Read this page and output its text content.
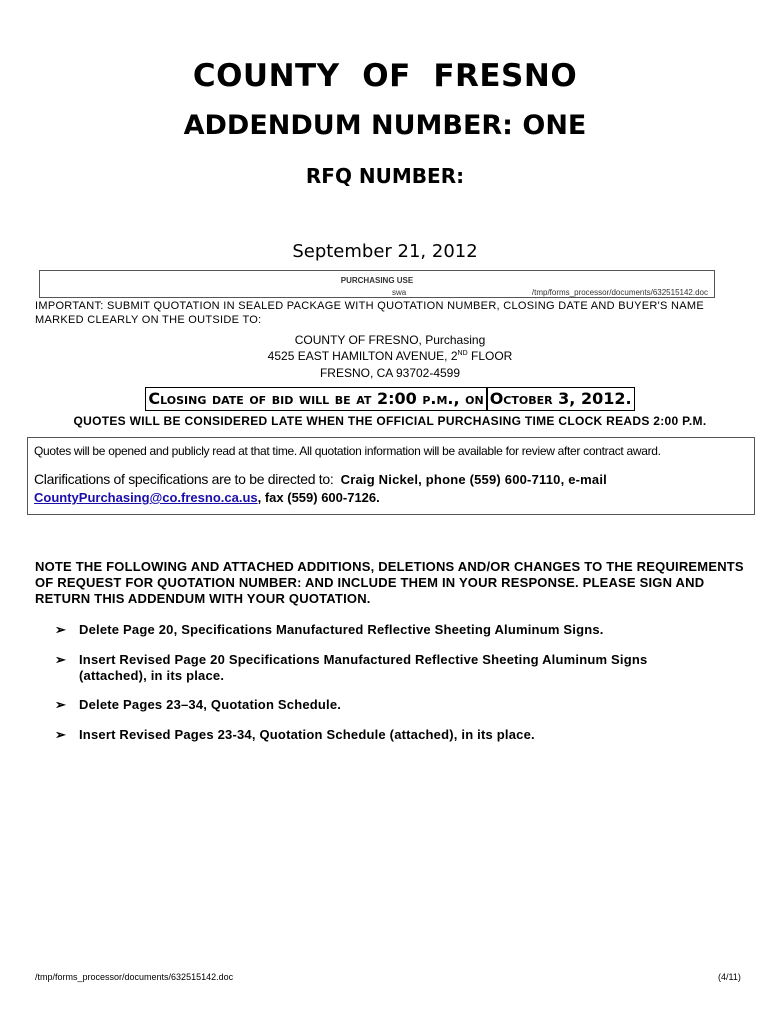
COUNTY  OF  FRESNO
ADDENDUM NUMBER: ONE
RFQ NUMBER:
September 21, 2012
PURCHASING USE
swa	/tmp/forms_processor/documents/632515142.doc
IMPORTANT: SUBMIT QUOTATION IN SEALED PACKAGE WITH QUOTATION NUMBER, CLOSING DATE AND BUYER'S NAME MARKED CLEARLY ON THE OUTSIDE TO:
COUNTY OF FRESNO, Purchasing
4525 EAST HAMILTON AVENUE, 2ND FLOOR
FRESNO, CA 93702-4599
Closing date of bid will be at 2:00 p.m., on October 3, 2012.
QUOTES WILL BE CONSIDERED LATE WHEN THE OFFICIAL PURCHASING TIME CLOCK READS 2:00 P.M.
Quotes will be opened and publicly read at that time. All quotation information will be available for review after contract award.
Clarifications of specifications are to be directed to: Craig Nickel, phone (559) 600-7110, e-mail
CountyPurchasing@co.fresno.ca.us, fax (559) 600-7126.
NOTE THE FOLLOWING AND ATTACHED ADDITIONS, DELETIONS AND/OR CHANGES TO THE REQUIREMENTS OF REQUEST FOR QUOTATION NUMBER: AND INCLUDE THEM IN YOUR RESPONSE. PLEASE SIGN AND RETURN THIS ADDENDUM WITH YOUR QUOTATION.
➢ Delete Page 20, Specifications Manufactured Reflective Sheeting Aluminum Signs.
➢ Insert Revised Page 20 Specifications Manufactured Reflective Sheeting Aluminum Signs (attached), in its place.
➢ Delete Pages 23–34, Quotation Schedule.
➢ Insert Revised Pages 23-34, Quotation Schedule (attached), in its place.
/tmp/forms_processor/documents/632515142.doc	(4/11)
